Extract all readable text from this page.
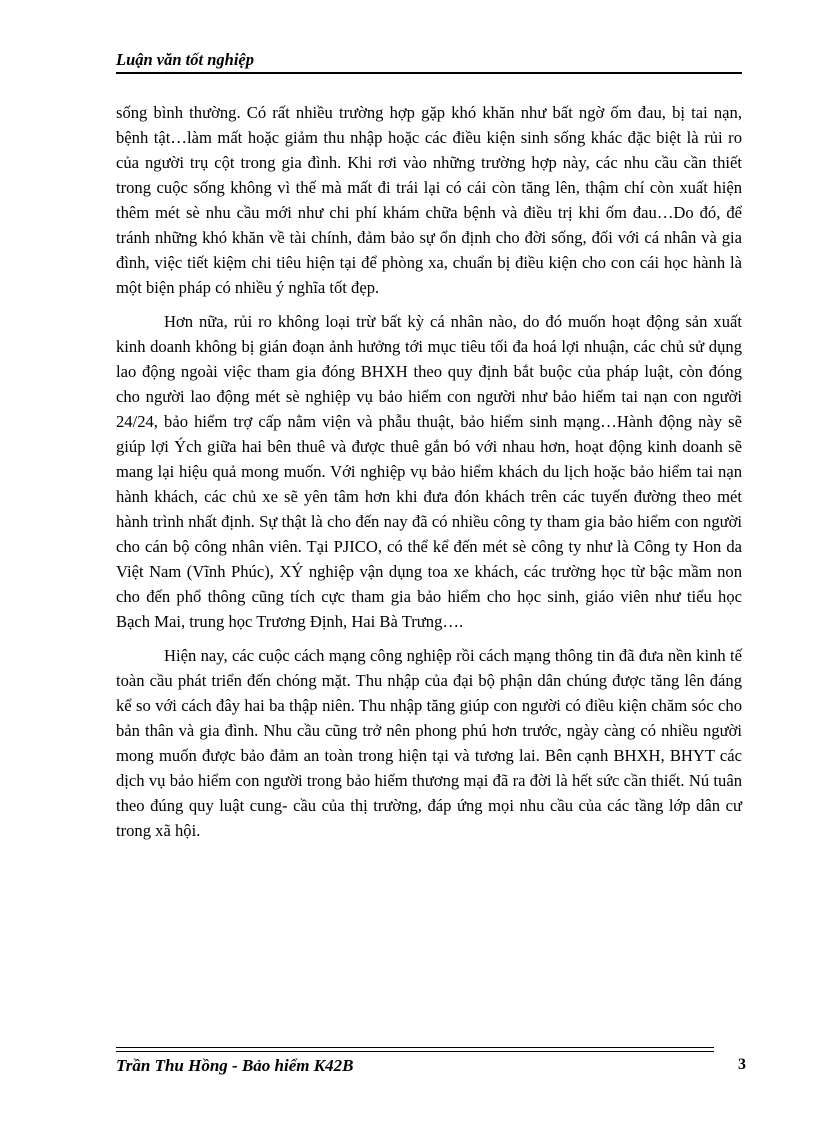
Luận văn tốt nghiệp

sống bình thường. Có rất nhiều trường hợp gặp khó khăn như bất ngờ ốm đau, bị tai nạn, bệnh tật…làm mất hoặc giảm thu nhập hoặc các điều kiện sinh sống khác đặc biệt là rủi ro của người trụ cột trong gia đình. Khi rơi vào những trường hợp này, các nhu cầu cần thiết trong cuộc sống không vì thế mà mất đi trái lại có cái còn tăng lên, thậm chí còn xuất hiện thêm mét sè nhu cầu mới như chi phí khám chữa bệnh và điều trị khi ốm đau…Do đó, để tránh những khó khăn về tài chính, đảm bảo sự ổn định cho đời sống, đối với cá nhân và gia đình, việc tiết kiệm chi tiêu hiện tại để phòng xa, chuẩn bị điều kiện cho con cái học hành là một biện pháp có nhiều ý nghĩa tốt đẹp.

Hơn nữa, rủi ro không loại trừ bất kỳ cá nhân nào, do đó muốn hoạt động sản xuất kinh doanh không bị gián đoạn ảnh hưởng tới mục tiêu tối đa hoá lợi nhuận, các chủ sử dụng lao động ngoài việc tham gia đóng BHXH theo quy định bắt buộc của pháp luật, còn đóng cho người lao động mét sè nghiệp vụ bảo hiểm con người như bảo hiểm tai nạn con người 24/24, bảo hiểm trợ cấp nằm viện và phẫu thuật, bảo hiểm sinh mạng…Hành động này sẽ giúp lợi Ých giữa hai bên thuê và được thuê gắn bó với nhau hơn, hoạt động kinh doanh sẽ mang lại hiệu quả mong muốn. Với nghiệp vụ bảo hiểm khách du lịch hoặc bảo hiểm tai nạn hành khách, các chủ xe sẽ yên tâm hơn khi đưa đón khách trên các tuyến đường theo mét hành trình nhất định. Sự thật là cho đến nay đã có nhiều công ty tham gia bảo hiểm con người cho cán bộ công nhân viên. Tại PJICO, có thể kể đến mét sè công ty như là Công ty Hon da Việt Nam (Vĩnh Phúc), XÝ nghiệp vận dụng toa xe khách, các trường học từ bậc mầm non cho đến phổ thông cũng tích cực tham gia bảo hiểm cho học sinh, giáo viên như tiểu học Bạch Mai, trung học Trương Định, Hai Bà Trưng….

Hiện nay, các cuộc cách mạng công nghiệp rồi cách mạng thông tin đã đưa nền kinh tế toàn cầu phát triển đến chóng mặt. Thu nhập của đại bộ phận dân chúng được tăng lên đáng kể so với cách đây hai ba thập niên. Thu nhập tăng giúp con người có điều kiện chăm sóc cho bản thân và gia đình. Nhu cầu cũng trở nên phong phú hơn trước, ngày càng có nhiều người mong muốn được bảo đảm an toàn trong hiện tại và tương lai. Bên cạnh BHXH, BHYT các dịch vụ bảo hiểm con người trong bảo hiểm thương mại đã ra đời là hết sức cần thiết. Nú tuân theo đúng quy luật cung- cầu của thị trường, đáp ứng mọi nhu cầu của các tầng lớp dân cư trong xã hội.

Trần Thu Hồng - Bảo hiểm K42B	3
